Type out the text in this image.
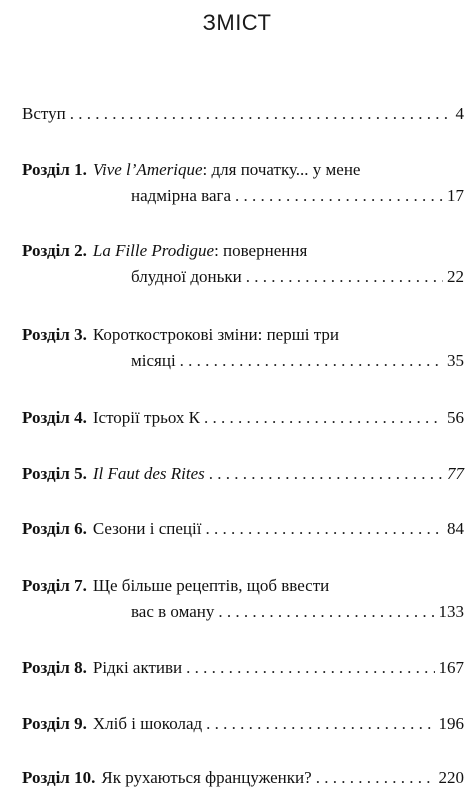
ЗМІСТ
Вступ . . .	4
Розділ 1. Vive l’Amerique : для початку... у мене
надмірна вага . . .	17
Розділ 2. La Fille Prodigue : повернення
блудної доньки . . .	22
Розділ 3. Короткострокові зміни: перші три
місяці . . .	35
Розділ 4. Історії трьох К . . .	56
Розділ 5. Il Faut des Rites . . .	77
Розділ 6. Сезони і спеції . . .	84
Розділ 7. Ще більше рецептів, щоб ввести
вас в оману . . .	133
Розділ 8. Рідкі активи . . .	167
Розділ 9. Хліб і шоколад . . .	196
Розділ 10. Як рухаються француженки? . . .	220
